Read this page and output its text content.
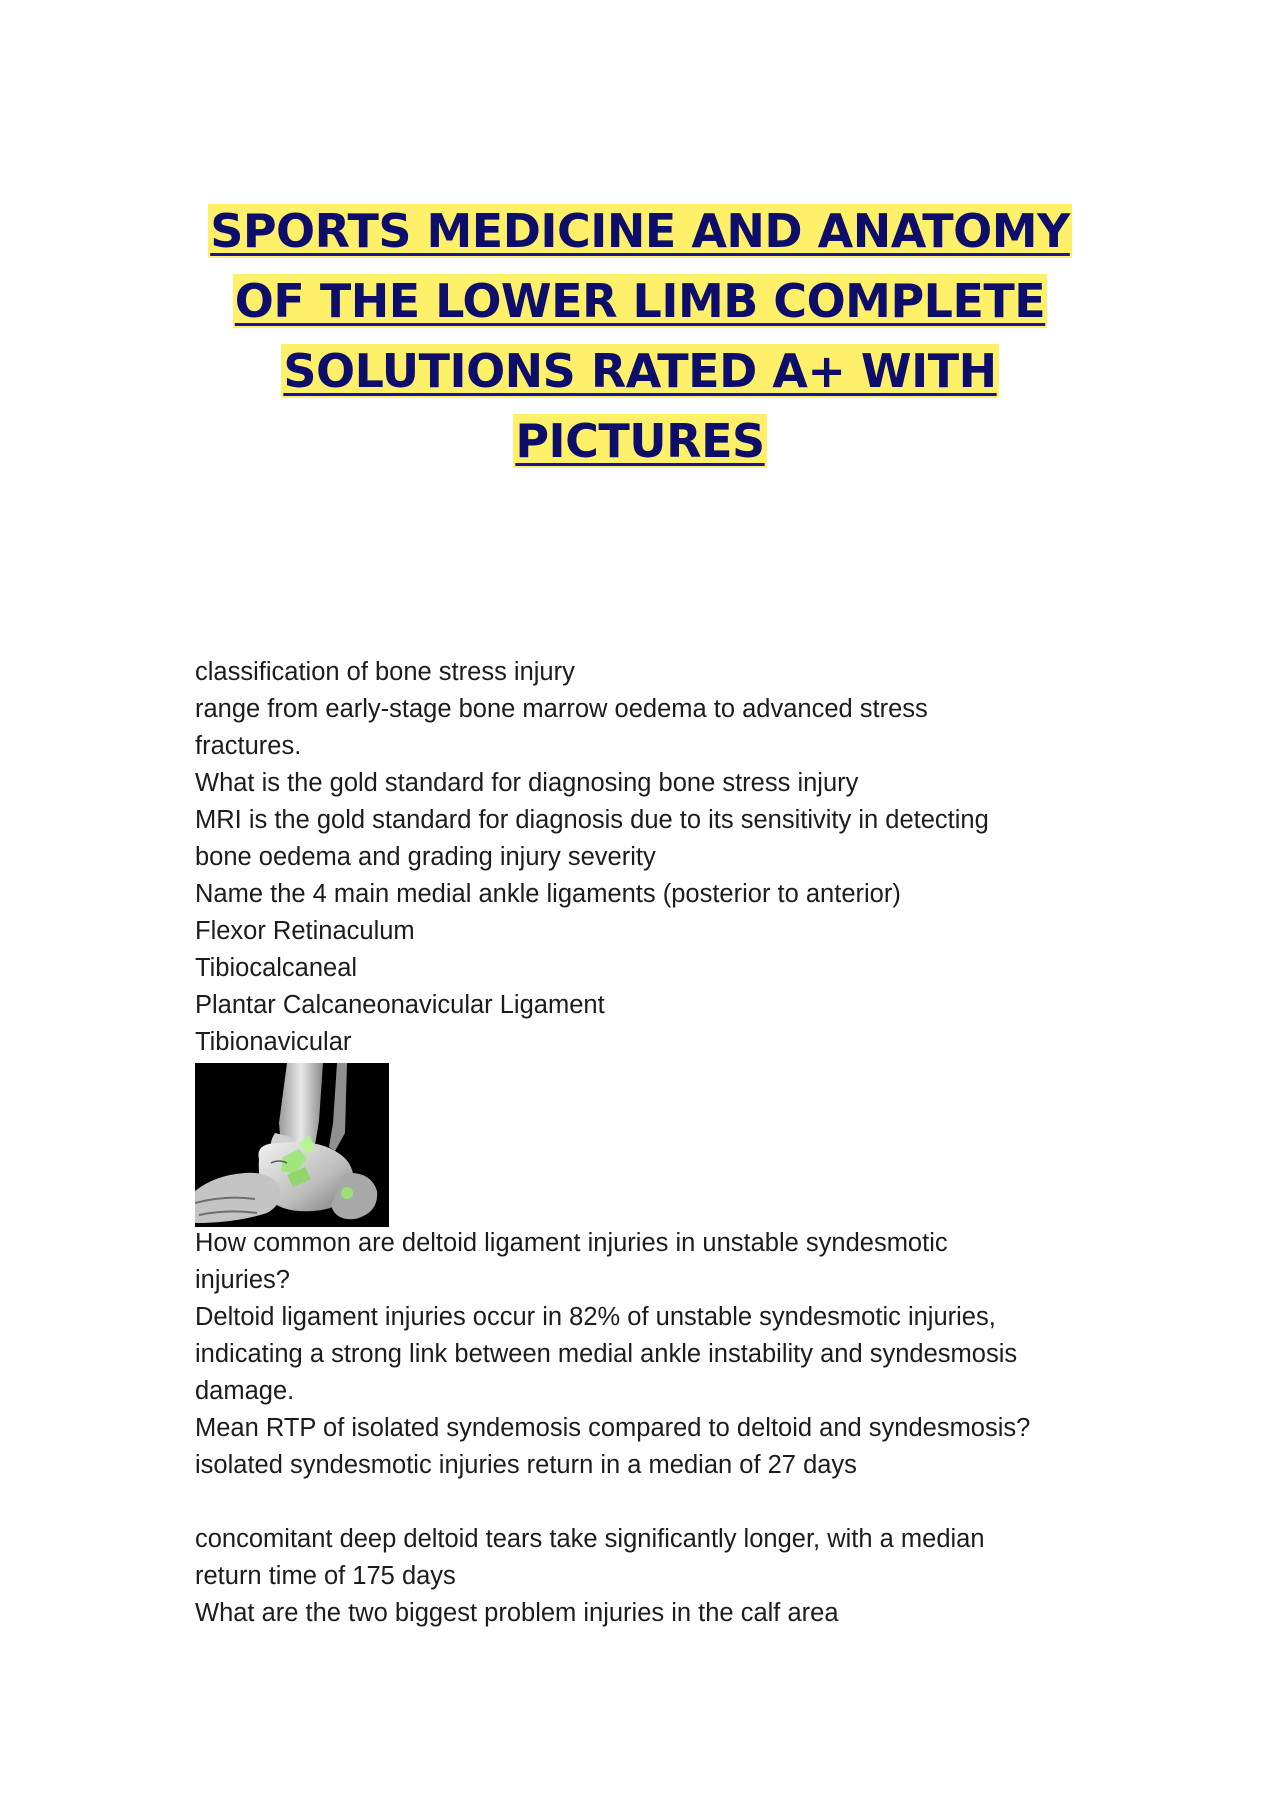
SPORTS MEDICINE AND ANATOMY
OF THE LOWER LIMB COMPLETE
SOLUTIONS RATED A+ WITH
PICTURES
classification of bone stress injury
range from early-stage bone marrow oedema to advanced stress
fractures.
What is the gold standard for diagnosing bone stress injury
MRI is the gold standard for diagnosis due to its sensitivity in detecting
bone oedema and grading injury severity
Name the 4 main medial ankle ligaments (posterior to anterior)
Flexor Retinaculum
Tibiocalcaneal
Plantar Calcaneonavicular Ligament
Tibionavicular
How common are deltoid ligament injuries in unstable syndesmotic
injuries?
Deltoid ligament injuries occur in 82% of unstable syndesmotic injuries,
indicating a strong link between medial ankle instability and syndesmosis
damage.
Mean RTP of isolated syndemosis compared to deltoid and syndesmosis?
isolated syndesmotic injuries return in a median of 27 days
concomitant deep deltoid tears take significantly longer, with a median
return time of 175 days
What are the two biggest problem injuries in the calf area
